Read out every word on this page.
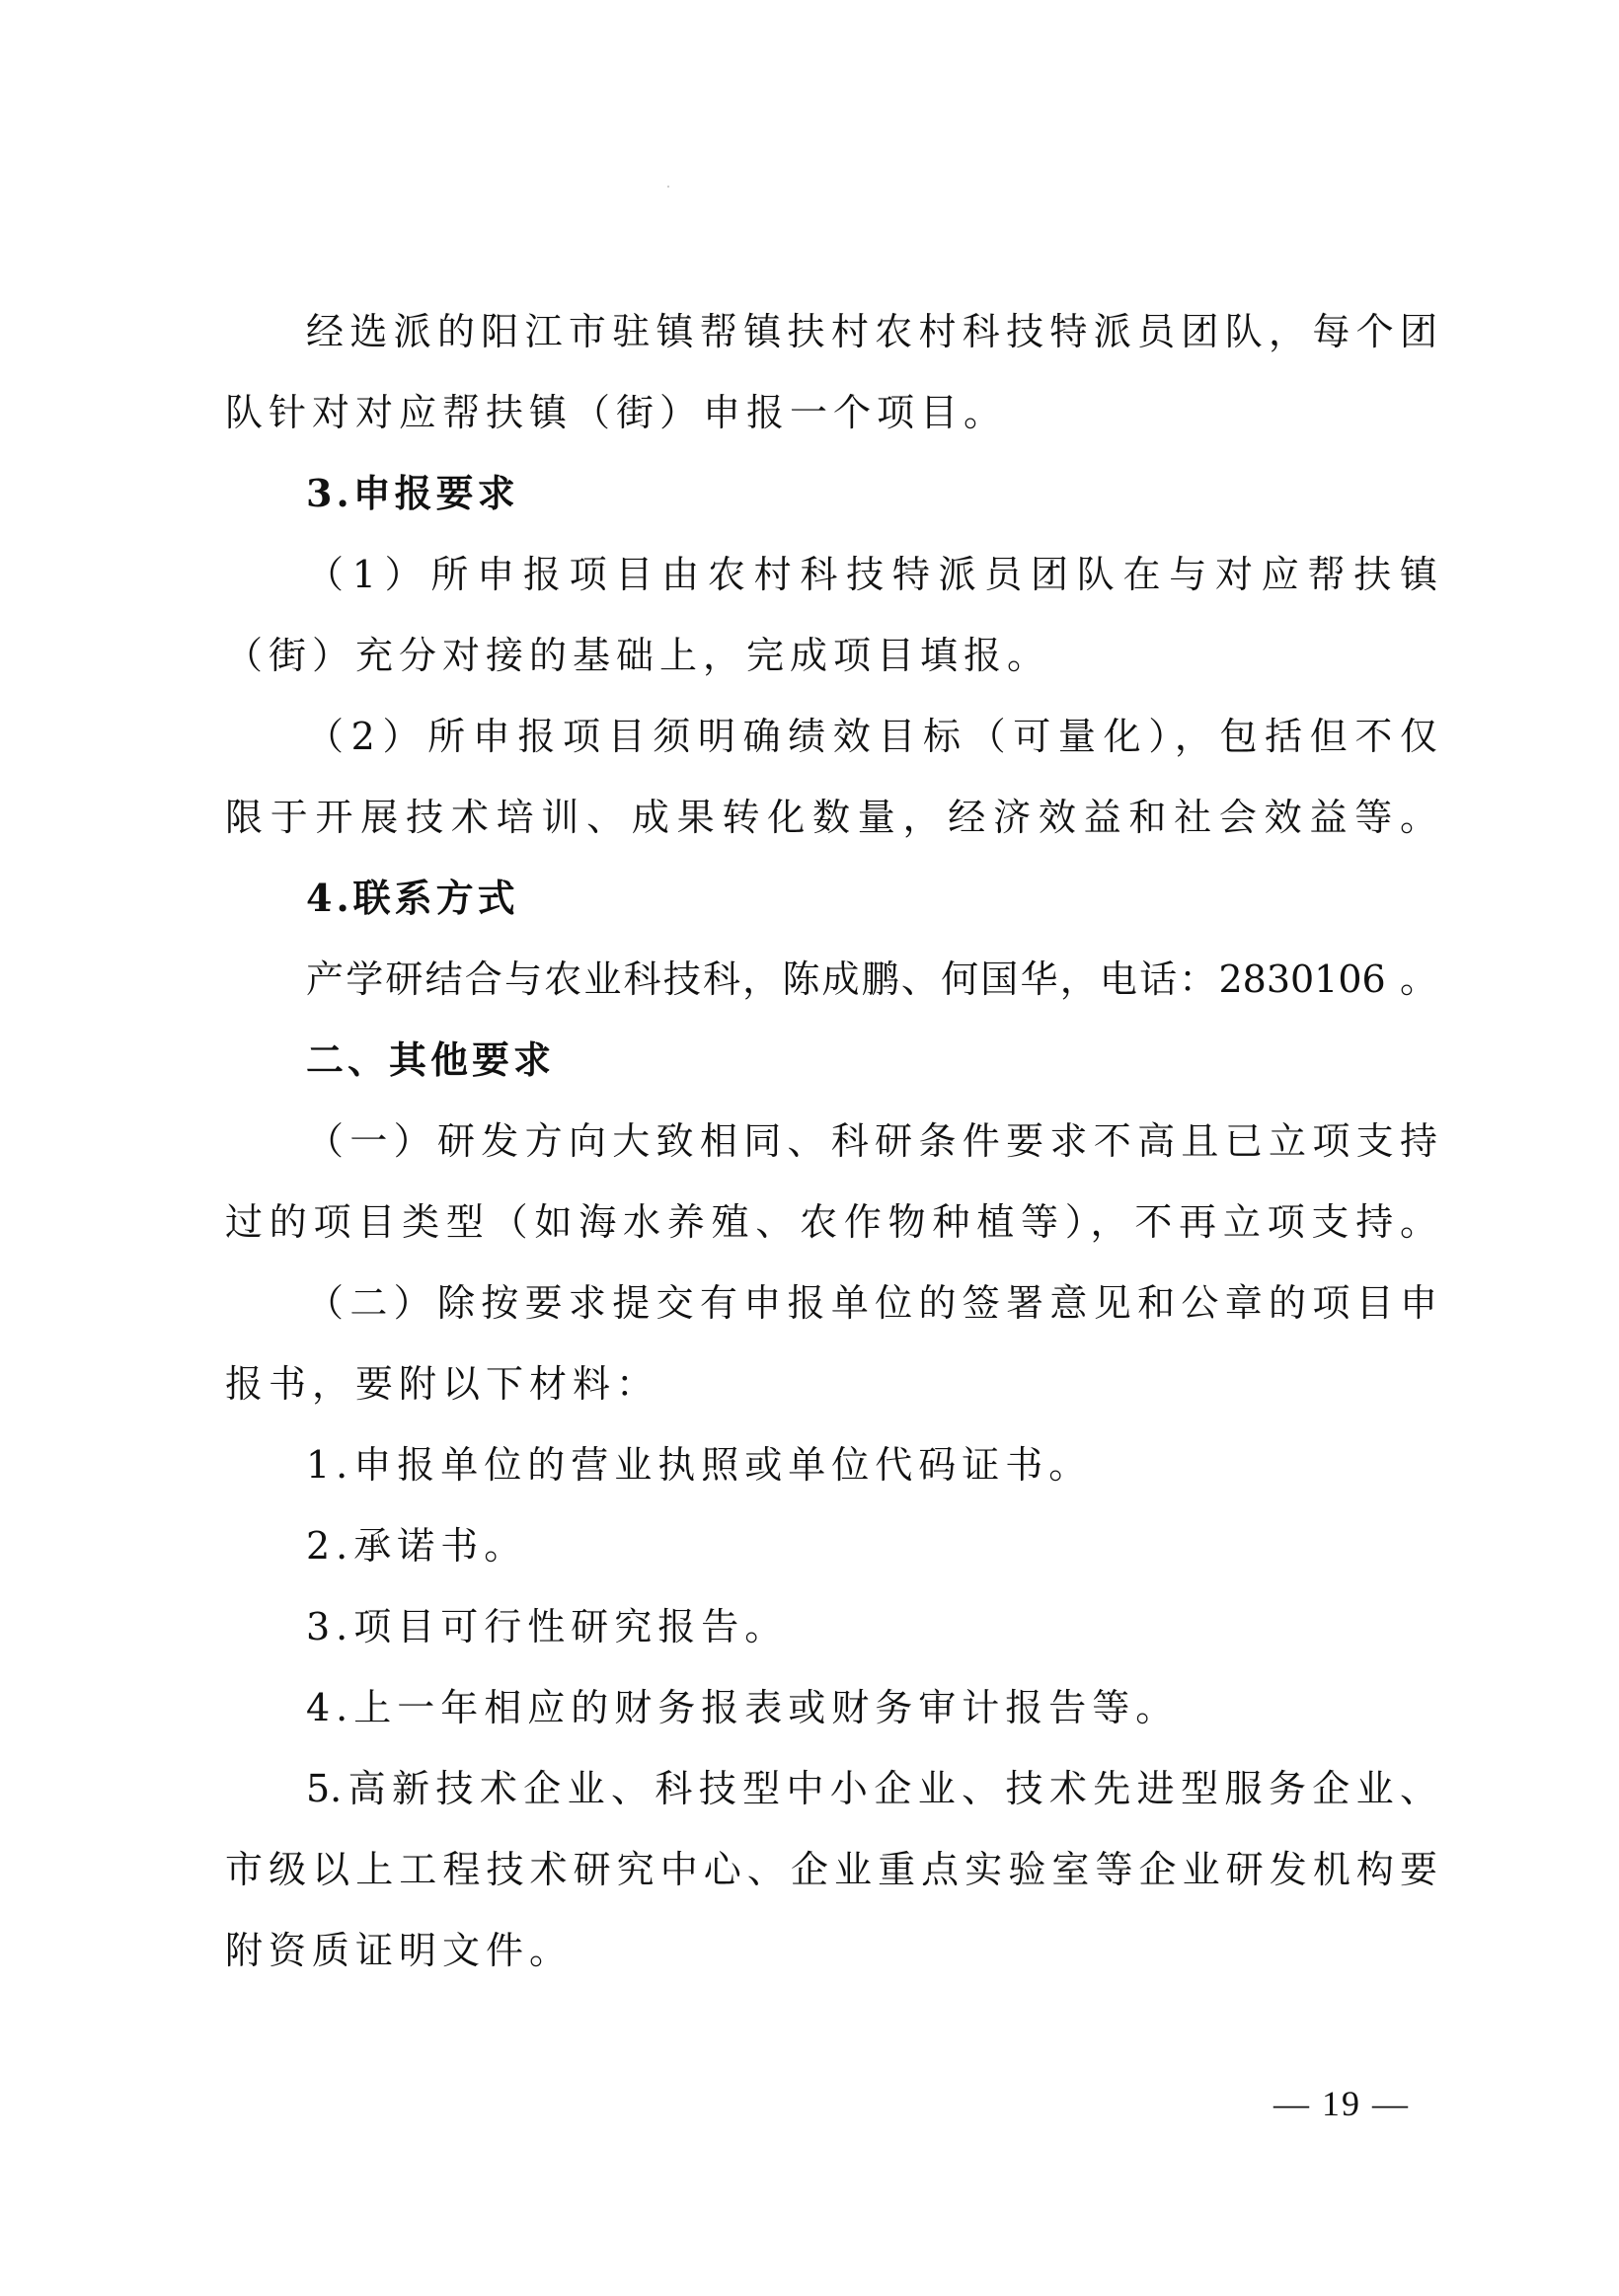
经选派的阳江市驻镇帮镇扶村农村科技特派员团队，每个团
队针对对应帮扶镇（街）申报一个项目。
3.申报要求
（1）所申报项目由农村科技特派员团队在与对应帮扶镇
（街）充分对接的基础上，完成项目填报。
（2）所申报项目须明确绩效目标（可量化），包括但不仅
限于开展技术培训、成果转化数量，经济效益和社会效益等。
4.联系方式
产学研结合与农业科技科，陈成鹏、何国华，电话：2830106 。
二、其他要求
（一）研发方向大致相同、科研条件要求不高且已立项支持
过的项目类型（如海水养殖、农作物种植等），不再立项支持。
（二）除按要求提交有申报单位的签署意见和公章的项目申
报书，要附以下材料：
1.申报单位的营业执照或单位代码证书。
2.承诺书。
3.项目可行性研究报告。
4.上一年相应的财务报表或财务审计报告等。
5.高新技术企业、科技型中小企业、技术先进型服务企业、
市级以上工程技术研究中心、企业重点实验室等企业研发机构要
附资质证明文件。
— 19 —
